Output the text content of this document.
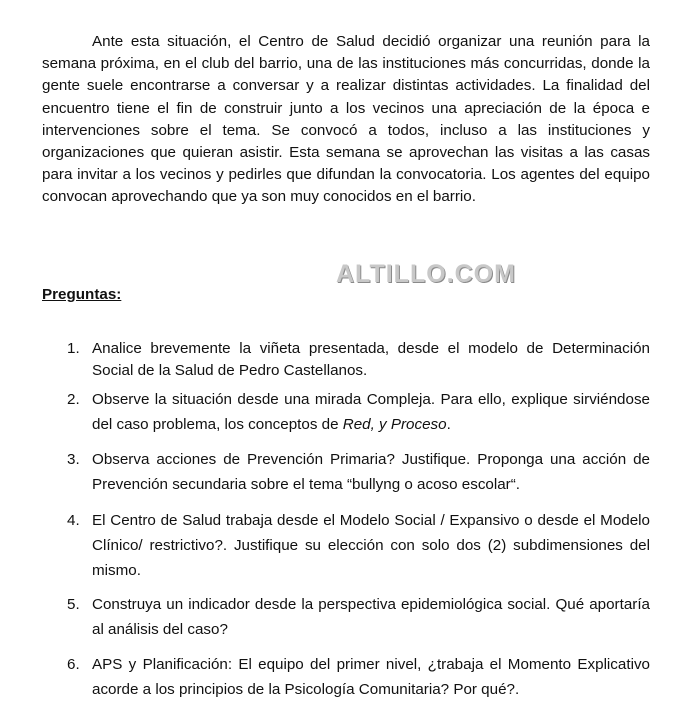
Ante esta situación, el Centro de Salud decidió organizar una reunión para la semana próxima, en el club del barrio, una de las instituciones más concurridas, donde la gente suele encontrarse a conversar y a realizar distintas actividades. La finalidad del encuentro tiene el fin de construir junto a los vecinos una apreciación de la época e intervenciones sobre el tema. Se convocó a todos, incluso a las instituciones y organizaciones que quieran asistir. Esta semana se aprovechan las visitas a las casas para invitar a los vecinos y pedirles que difundan la convocatoria. Los agentes del equipo convocan aprovechando que ya son muy conocidos en el barrio.

ALTILLO.COM

Preguntas:

1. Analice brevemente la viñeta presentada, desde el modelo de Determinación Social de la Salud de Pedro Castellanos.
2. Observe la situación desde una mirada Compleja. Para ello, explique sirviéndose del caso problema, los conceptos de Red, y Proceso.
3. Observa acciones de Prevención Primaria? Justifique. Proponga una acción de Prevención secundaria sobre el tema “bullyng o acoso escolar“.
4. El Centro de Salud trabaja desde el Modelo Social / Expansivo o desde el Modelo Clínico/ restrictivo?. Justifique su elección con solo dos (2) subdimensiones del mismo.
5. Construya un indicador desde la perspectiva epidemiológica social. Qué aportaría al análisis del caso?
6. APS y Planificación: El equipo del primer nivel, ¿trabaja el Momento Explicativo acorde a los principios de la Psicología Comunitaria? Por qué?.
